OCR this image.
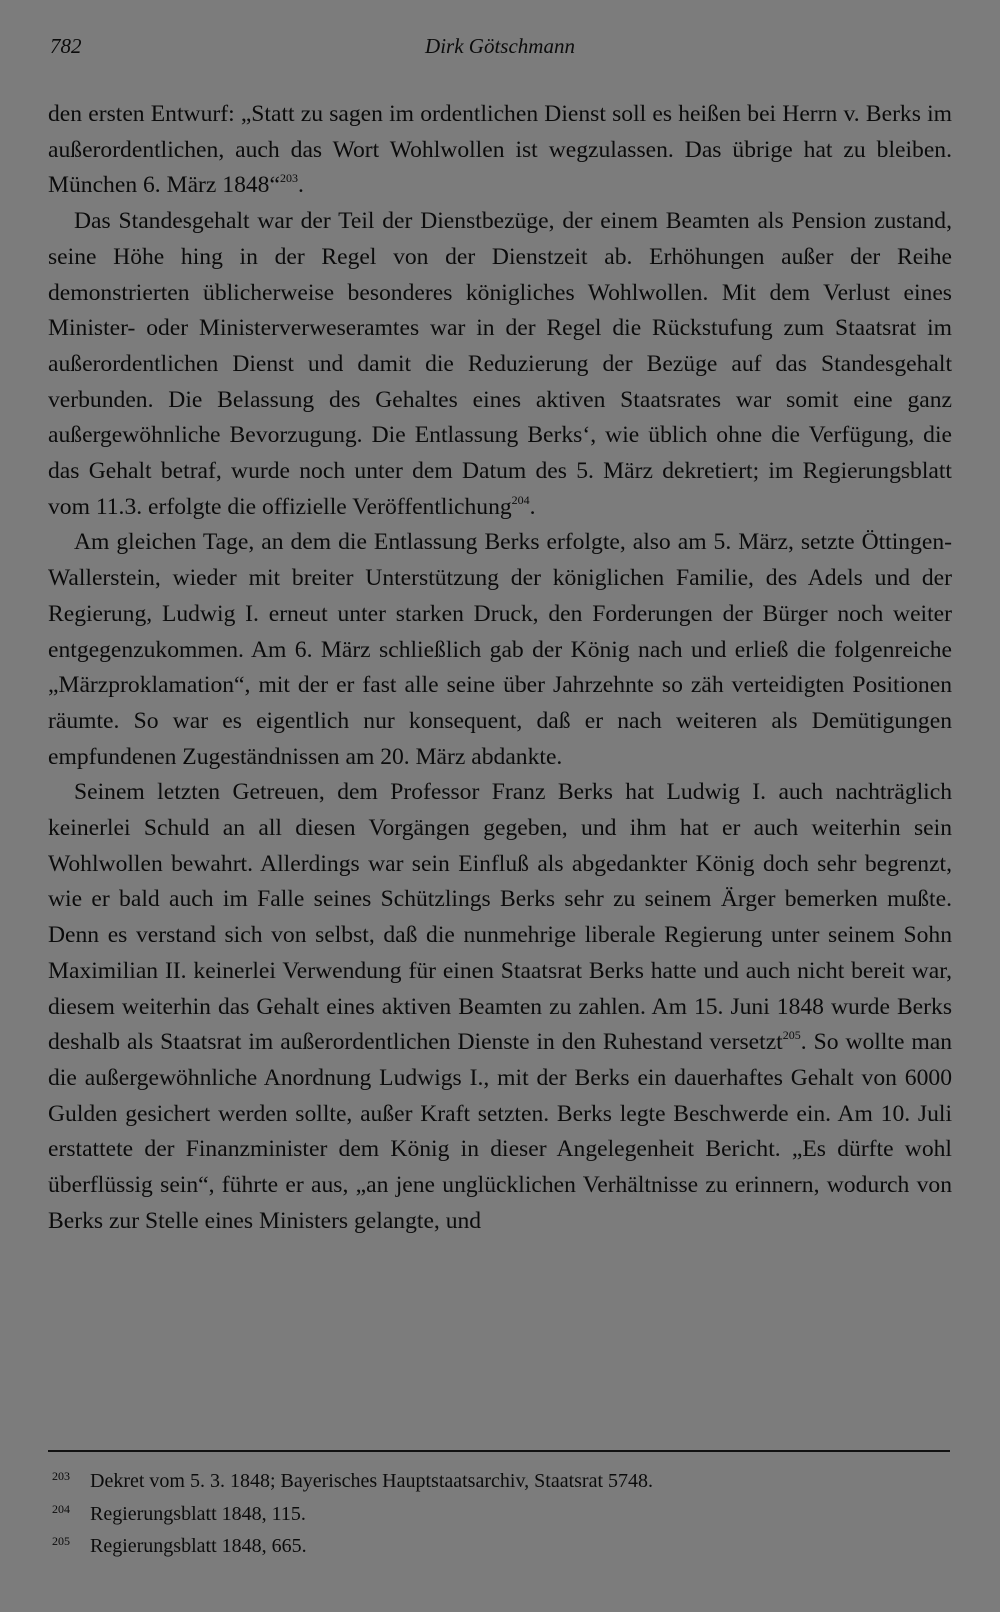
782	Dirk Götschmann

den ersten Entwurf: „Statt zu sagen im ordentlichen Dienst soll es heißen bei Herrn v. Berks im außerordentlichen, auch das Wort Wohlwollen ist wegzulassen. Das übrige hat zu bleiben. München 6. März 1848“$^{203}$.

Das Standesgehalt war der Teil der Dienstbezüge, der einem Beamten als Pension zustand, seine Höhe hing in der Regel von der Dienstzeit ab. Erhöhungen außer der Reihe demonstrierten üblicherweise besonderes königliches Wohlwollen. Mit dem Verlust eines Minister- oder Ministerverweseramtes war in der Regel die Rückstufung zum Staatsrat im außerordentlichen Dienst und damit die Reduzierung der Bezüge auf das Standesgehalt verbunden. Die Belassung des Gehaltes eines aktiven Staatsrates war somit eine ganz außergewöhnliche Bevorzugung. Die Entlassung Berks‘, wie üblich ohne die Verfügung, die das Gehalt betraf, wurde noch unter dem Datum des 5. März dekretiert; im Regierungsblatt vom 11.3. erfolgte die offizielle Veröffentlichung$^{204}$.

Am gleichen Tage, an dem die Entlassung Berks erfolgte, also am 5. März, setzte Öttingen-Wallerstein, wieder mit breiter Unterstützung der königlichen Familie, des Adels und der Regierung, Ludwig I. erneut unter starken Druck, den Forderungen der Bürger noch weiter entgegenzukommen. Am 6. März schließlich gab der König nach und erließ die folgenreiche „Märzproklamation“, mit der er fast alle seine über Jahrzehnte so zäh verteidigten Positionen räumte. So war es eigentlich nur konsequent, daß er nach weiteren als Demütigungen empfundenen Zugeständnissen am 20. März abdankte.

Seinem letzten Getreuen, dem Professor Franz Berks hat Ludwig I. auch nachträglich keinerlei Schuld an all diesen Vorgängen gegeben, und ihm hat er auch weiterhin sein Wohlwollen bewahrt. Allerdings war sein Einfluß als abgedankter König doch sehr begrenzt, wie er bald auch im Falle seines Schützlings Berks sehr zu seinem Ärger bemerken mußte. Denn es verstand sich von selbst, daß die nunmehrige liberale Regierung unter seinem Sohn Maximilian II. keinerlei Verwendung für einen Staatsrat Berks hatte und auch nicht bereit war, diesem weiterhin das Gehalt eines aktiven Beamten zu zahlen. Am 15. Juni 1848 wurde Berks deshalb als Staatsrat im außerordentlichen Dienste in den Ruhestand versetzt$^{205}$. So wollte man die außergewöhnliche Anordnung Ludwigs I., mit der Berks ein dauerhaftes Gehalt von 6000 Gulden gesichert werden sollte, außer Kraft setzten. Berks legte Beschwerde ein. Am 10. Juli erstattete der Finanzminister dem König in dieser Angelegenheit Bericht. „Es dürfte wohl überflüssig sein“, führte er aus, „an jene unglücklichen Verhältnisse zu erinnern, wodurch von Berks zur Stelle eines Ministers gelangte, und

203 Dekret vom 5. 3. 1848; Bayerisches Hauptstaatsarchiv, Staatsrat 5748.
204 Regierungsblatt 1848, 115.
205 Regierungsblatt 1848, 665.
